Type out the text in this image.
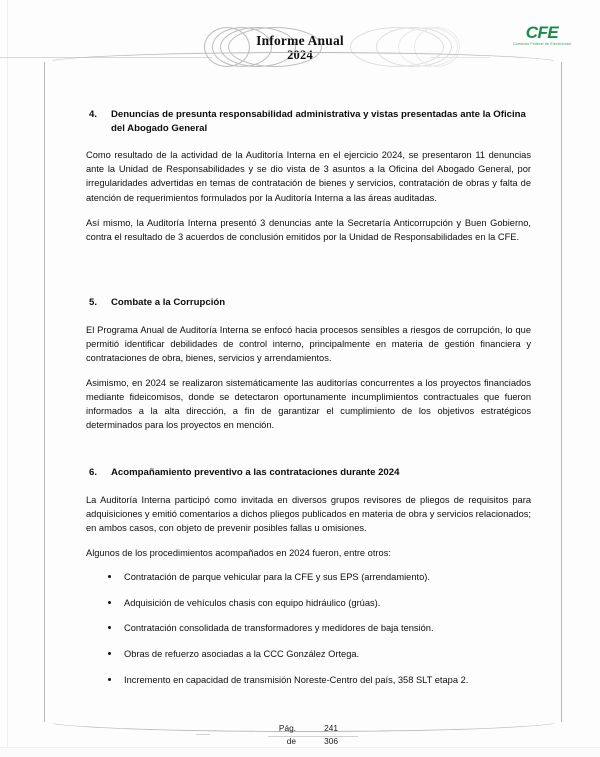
Informe Anual
2024
CFE
Comisión Federal de Electricidad
4.	Denuncias de presunta responsabilidad administrativa y vistas presentadas ante la Oficina del Abogado General

Como resultado de la actividad de la Auditoría Interna en el ejercicio 2024, se presentaron 11 denuncias ante la Unidad de Responsabilidades y se dio vista de 3 asuntos a la Oficina del Abogado General, por irregularidades advertidas en temas de contratación de bienes y servicios, contratación de obras y falta de atención de requerimientos formulados por la Auditoría Interna a las áreas auditadas.

Así mismo, la Auditoría Interna presentó 3 denuncias ante la Secretaría Anticorrupción y Buen Gobierno, contra el resultado de 3 acuerdos de conclusión emitidos por la Unidad de Responsabilidades en la CFE.

5.	Combate a la Corrupción

El Programa Anual de Auditoría Interna se enfocó hacia procesos sensibles a riesgos de corrupción, lo que permitió identificar debilidades de control interno, principalmente en materia de gestión financiera y contrataciones de obra, bienes, servicios y arrendamientos.

Asimismo, en 2024 se realizaron sistemáticamente las auditorías concurrentes a los proyectos financiados mediante fideicomisos, donde se detectaron oportunamente incumplimientos contractuales que fueron informados a la alta dirección, a fin de garantizar el cumplimiento de los objetivos estratégicos determinados para los proyectos en mención.

6.	Acompañamiento preventivo a las contrataciones durante 2024

La Auditoría Interna participó como invitada en diversos grupos revisores de pliegos de requisitos para adquisiciones y emitió comentarios a dichos pliegos publicados en materia de obra y servicios relacionados; en ambos casos, con objeto de prevenir posibles fallas u omisiones.

Algunos de los procedimientos acompañados en 2024 fueron, entre otros:

Contratación de parque vehicular para la CFE y sus EPS (arrendamiento).
Adquisición de vehículos chasis con equipo hidráulico (grúas).
Contratación consolidada de transformadores y medidores de baja tensión.
Obras de refuerzo asociadas a la CCC González Ortega.
Incremento en capacidad de transmisión Noreste-Centro del país, 358 SLT etapa 2.
Pág.	241
de	306
